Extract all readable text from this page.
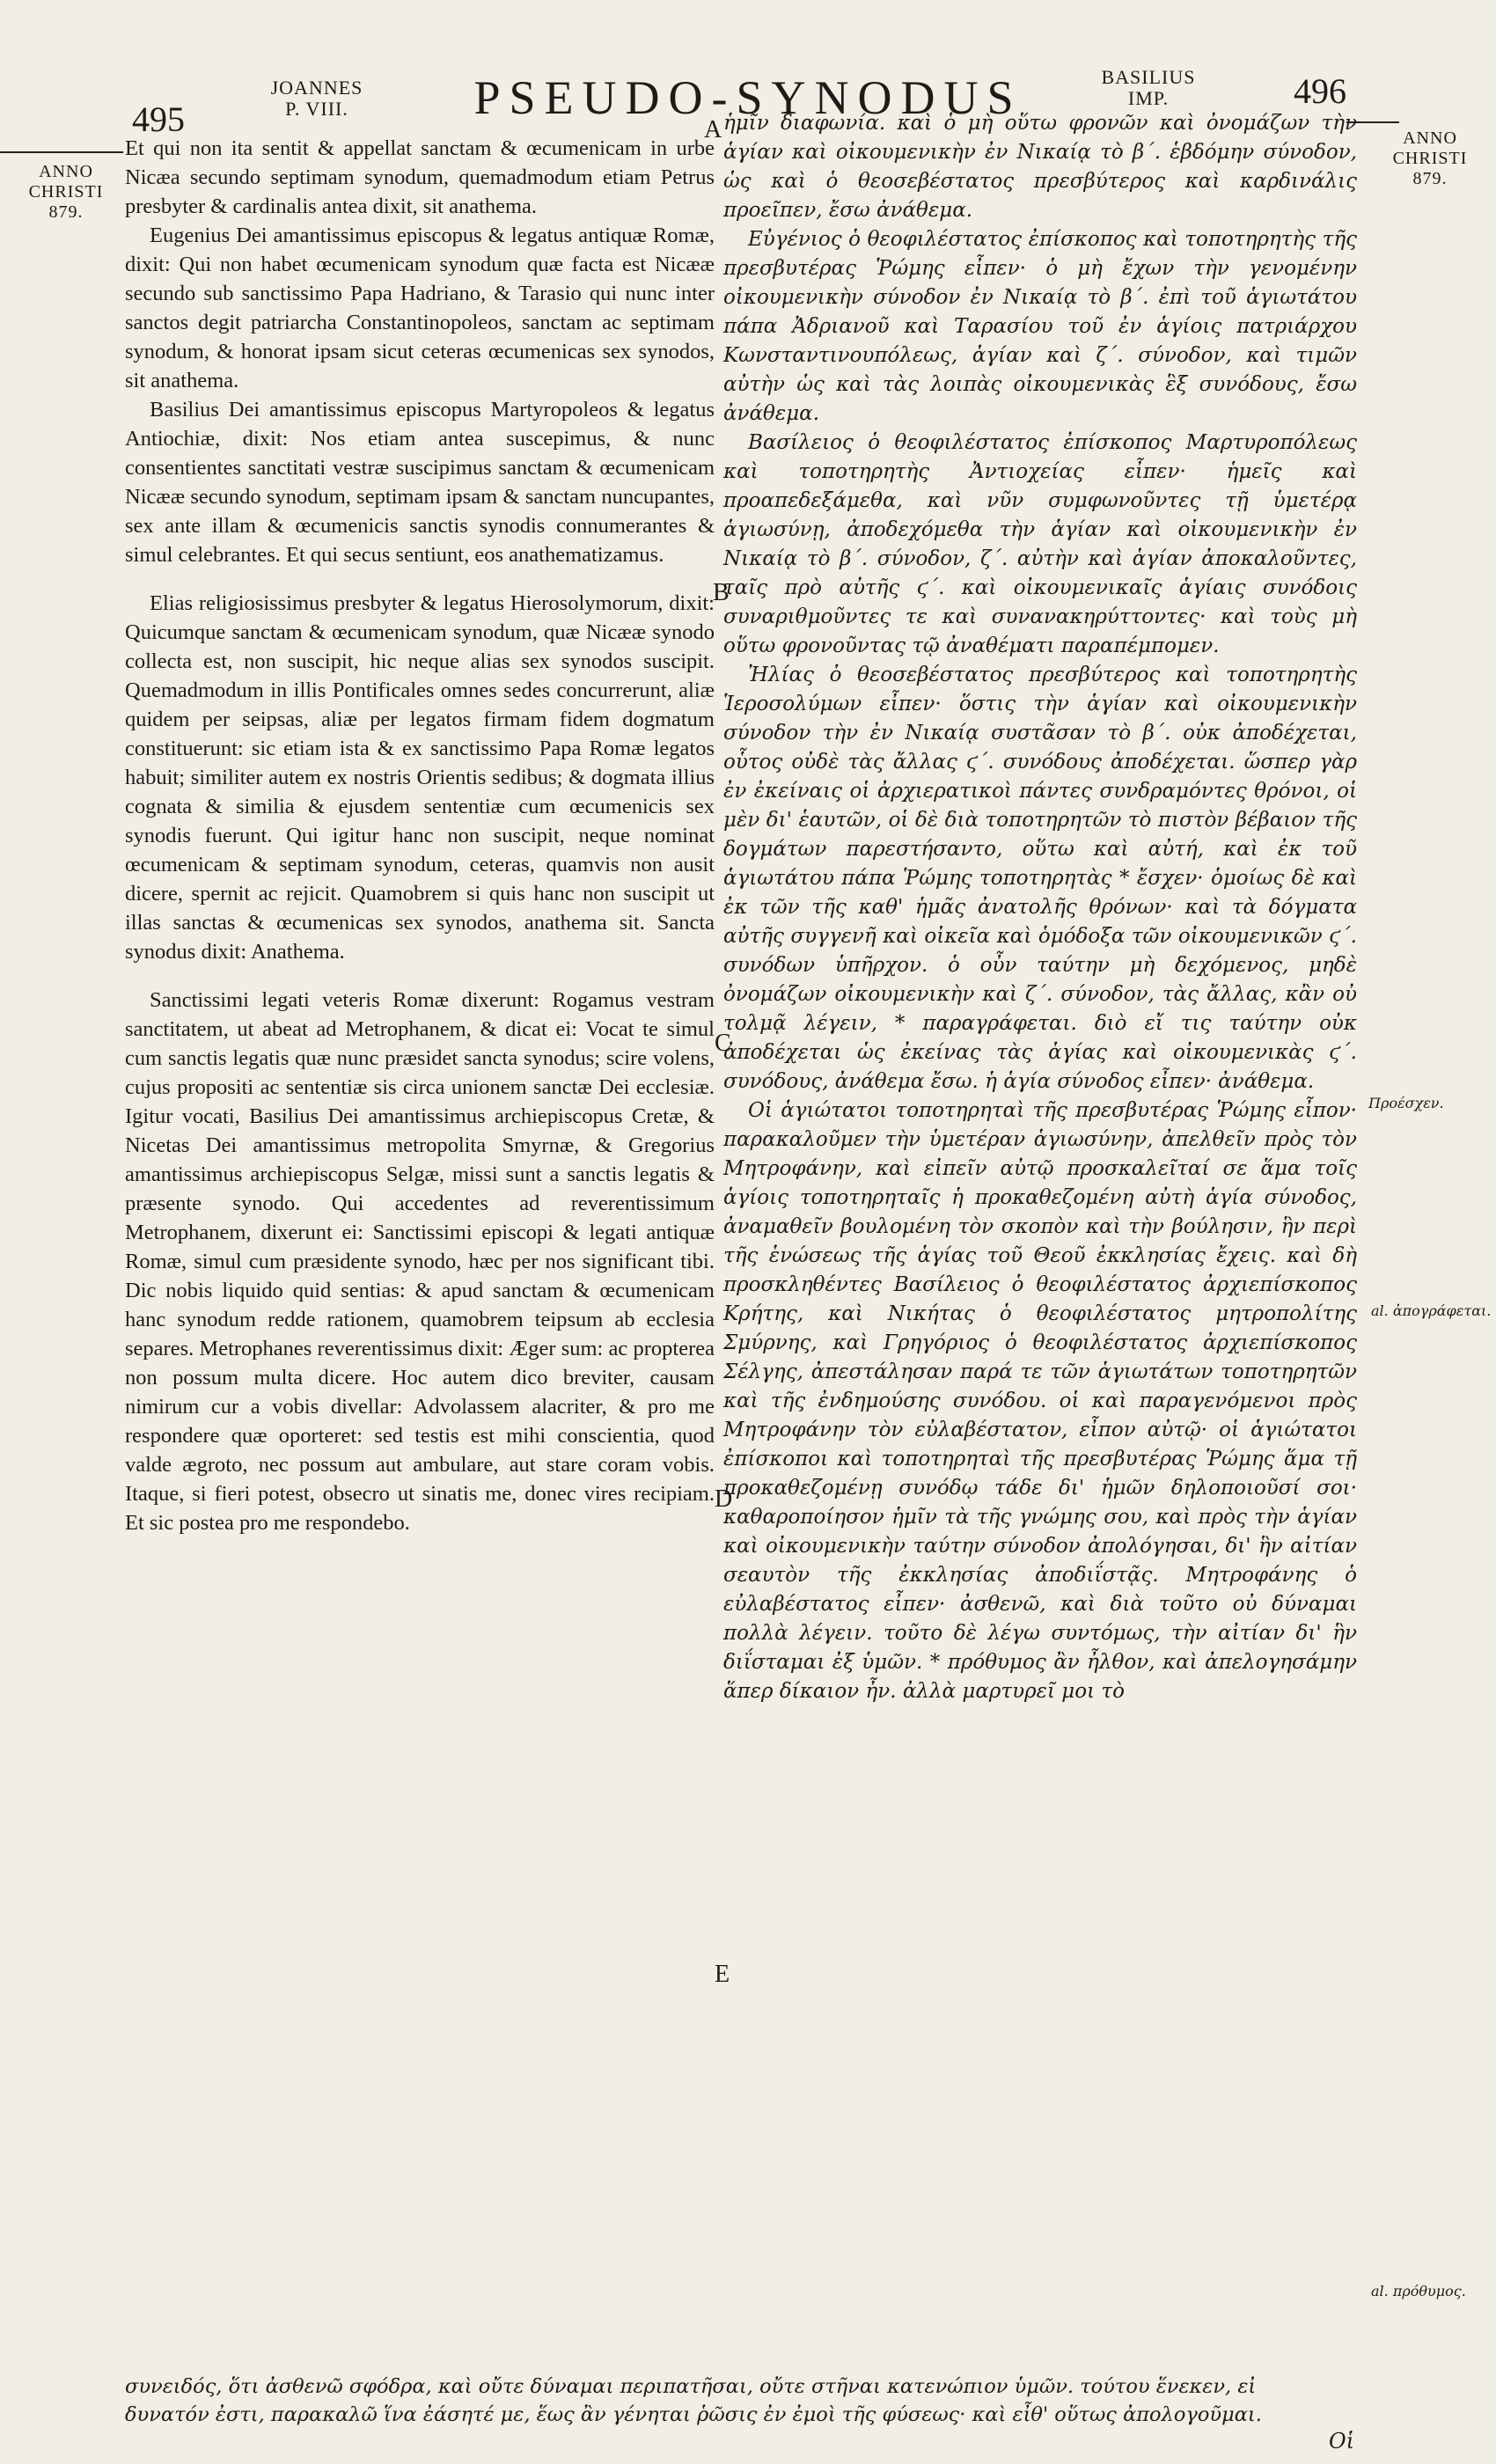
495
496
JOANNES
P. VIII.	PSEUDO-SYNODUS	BASILIUS
IMP.
ANNO
CHRISTI
879.
ANNO
CHRISTI
879.
A
B
C
D
E

Et qui non ita sentit & appellat sanctam & œcumenicam in urbe Nicæa secundo septimam synodum, quemadmodum etiam Petrus presbyter & cardinalis antea dixit, sit anathema.

Eugenius Dei amantissimus episcopus & legatus antiquæ Romæ, dixit: Qui non habet œcumenicam synodum quæ facta est Nicææ secundo sub sanctissimo Papa Hadriano, & Tarasio qui nunc inter sanctos degit patriarcha Constantinopoleos, sanctam ac septimam synodum, & honorat ipsam sicut ceteras œcumenicas sex synodos, sit anathema.

Basilius Dei amantissimus episcopus Martyropoleos & legatus Antiochiæ, dixit: Nos etiam antea suscepimus, & nunc consentientes sanctitati vestræ suscipimus sanctam & œcumenicam Nicææ secundo synodum, septimam ipsam & sanctam nuncupantes, sex ante illam & œcumenicis sanctis synodis connumerantes & simul celebrantes. Et qui secus sentiunt, eos anathematizamus.

Elias religiosissimus presbyter & legatus Hierosolymorum, dixit: Quicumque sanctam & œcumenicam synodum, quæ Nicææ synodo collecta est, non suscipit, hic neque alias sex synodos suscipit. Quemadmodum in illis Pontificales omnes sedes concurrerunt, aliæ quidem per seipsas, aliæ per legatos firmam fidem dogmatum constituerunt: sic etiam ista & ex sanctissimo Papa Romæ legatos habuit; similiter autem ex nostris Orientis sedibus; & dogmata illius cognata & similia & ejusdem sententiæ cum œcumenicis sex synodis fuerunt. Qui igitur hanc non suscipit, neque nominat œcumenicam & septimam synodum, ceteras, quamvis non ausit dicere, spernit ac rejicit. Quamobrem si quis hanc non suscipit ut illas sanctas & œcumenicas sex synodos, anathema sit. Sancta synodus dixit: Anathema.

Sanctissimi legati veteris Romæ dixerunt: Rogamus vestram sanctitatem, ut abeat ad Metrophanem, & dicat ei: Vocat te simul cum sanctis legatis quæ nunc præsidet sancta synodus; scire volens, cujus propositi ac sententiæ sis circa unionem sanctæ Dei ecclesiæ. Igitur vocati, Basilius Dei amantissimus archiepiscopus Cretæ, & Nicetas Dei amantissimus metropolita Smyrnæ, & Gregorius amantissimus archiepiscopus Selgæ, missi sunt a sanctis legatis & præsente synodo. Qui accedentes ad reverentissimum Metrophanem, dixerunt ei: Sanctissimi episcopi & legati antiquæ Romæ, simul cum præsidente synodo, hæc per nos significant tibi. Dic nobis liquido quid sentias: & apud sanctam & œcumenicam hanc synodum redde rationem, quamobrem teipsum ab ecclesia separes. Metrophanes reverentissimus dixit: Æger sum: ac propterea non possum multa dicere. Hoc autem dico breviter, causam nimirum cur a vobis divellar: Advolassem alacriter, & pro me respondere quæ oporteret: sed testis est mihi conscientia, quod valde ægroto, nec possum aut ambulare, aut stare coram vobis. Itaque, si fieri potest, obsecro ut sinatis me, donec vires recipiam. Et sic postea pro me respondebo.

ἡμῖν διαφωνία. καὶ ὁ μὴ οὕτω φρονῶν καὶ ὀνομάζων τὴν ἁγίαν καὶ οἰκουμενικὴν ἐν Νικαίᾳ τὸ β΄. ἑβδόμην σύνοδον, ὡς καὶ ὁ θεοσεβέστατος πρεσβύτερος καὶ καρδινάλις προεῖπεν, ἔσω ἀνάθεμα.

Εὐγένιος ὁ θεοφιλέστατος ἐπίσκοπος καὶ τοποτηρητὴς τῆς πρεσβυτέρας Ῥώμης εἶπεν· ὁ μὴ ἔχων τὴν γενομένην οἰκουμενικὴν σύνοδον ἐν Νικαίᾳ τὸ β΄. ἐπὶ τοῦ ἁγιωτάτου πάπα Ἀδριανοῦ καὶ Ταρασίου τοῦ ἐν ἁγίοις πατριάρχου Κωνσταντινουπόλεως, ἁγίαν καὶ ζ΄. σύνοδον, καὶ τιμῶν αὐτὴν ὡς καὶ τὰς λοιπὰς οἰκουμενικὰς ἓξ συνόδους, ἔσω ἀνάθεμα.

Βασίλειος ὁ θεοφιλέστατος ἐπίσκοπος Μαρτυροπόλεως καὶ τοποτηρητὴς Ἀντιοχείας εἶπεν· ἡμεῖς καὶ προαπεδεξάμεθα, καὶ νῦν συμφωνοῦντες τῇ ὑμετέρᾳ ἁγιωσύνῃ, ἀποδεχόμεθα τὴν ἁγίαν καὶ οἰκουμενικὴν ἐν Νικαίᾳ τὸ β΄. σύνοδον, ζ΄. αὐτὴν καὶ ἁγίαν ἀποκαλοῦντες, ταῖς πρὸ αὐτῆς ϛ΄. καὶ οἰκουμενικαῖς ἁγίαις συνόδοις συναριθμοῦντες τε καὶ συνανακηρύττοντες· καὶ τοὺς μὴ οὕτω φρονοῦντας τῷ ἀναθέματι παραπέμπομεν.

Ἠλίας ὁ θεοσεβέστατος πρεσβύτερος καὶ τοποτηρητὴς Ἱεροσολύμων εἶπεν· ὅστις τὴν ἁγίαν καὶ οἰκουμενικὴν σύνοδον τὴν ἐν Νικαίᾳ συστᾶσαν τὸ β΄. οὐκ ἀποδέχεται, οὗτος οὐδὲ τὰς ἄλλας ϛ΄. συνόδους ἀποδέχεται. ὥσπερ γὰρ ἐν ἐκείναις οἱ ἀρχιερατικοὶ πάντες συνδραμόντες θρόνοι, οἱ μὲν δι' ἑαυτῶν, οἱ δὲ διὰ τοποτηρητῶν τὸ πιστὸν βέβαιον τῆς δογμάτων παρεστήσαντο, οὕτω καὶ αὐτή, καὶ ἐκ τοῦ ἁγιωτάτου πάπα Ῥώμης τοποτηρητὰς * ἔσχεν· ὁμοίως δὲ καὶ ἐκ τῶν τῆς καθ' ἡμᾶς ἀνατολῆς θρόνων· καὶ τὰ δόγματα αὐτῆς συγγενῆ καὶ οἰκεῖα καὶ ὁμόδοξα τῶν οἰκουμενικῶν ϛ΄. συνόδων ὑπῆρχον. ὁ οὖν ταύτην μὴ δεχόμενος, μηδὲ ὀνομάζων οἰκουμενικὴν καὶ ζ΄. σύνοδον, τὰς ἄλλας, κἂν οὐ τολμᾷ λέγειν, * παραγράφεται. διὸ εἴ τις ταύτην οὐκ ἀποδέχεται ὡς ἐκείνας τὰς ἁγίας καὶ οἰκουμενικὰς ϛ΄. συνόδους, ἀνάθεμα ἔσω. ἡ ἁγία σύνοδος εἶπεν· ἀνάθεμα.

Οἱ ἁγιώτατοι τοποτηρηταὶ τῆς πρεσβυτέρας Ῥώμης εἶπον· παρακαλοῦμεν τὴν ὑμετέραν ἁγιωσύνην, ἀπελθεῖν πρὸς τὸν Μητροφάνην, καὶ εἰπεῖν αὐτῷ προσκαλεῖταί σε ἅμα τοῖς ἁγίοις τοποτηρηταῖς ἡ προκαθεζομένη αὐτὴ ἁγία σύνοδος, ἀναμαθεῖν βουλομένη τὸν σκοπὸν καὶ τὴν βούλησιν, ἣν περὶ τῆς ἑνώσεως τῆς ἁγίας τοῦ Θεοῦ ἐκκλησίας ἔχεις. καὶ δὴ προσκληθέντες Βασίλειος ὁ θεοφιλέστατος ἀρχιεπίσκοπος Κρήτης, καὶ Νικήτας ὁ θεοφιλέστατος μητροπολίτης Σμύρνης, καὶ Γρηγόριος ὁ θεοφιλέστατος ἀρχιεπίσκοπος Σέλγης, ἀπεστάλησαν παρά τε τῶν ἁγιωτάτων τοποτηρητῶν καὶ τῆς ἐνδημούσης συνόδου. οἱ καὶ παραγενόμενοι πρὸς Μητροφάνην τὸν εὐλαβέστατον, εἶπον αὐτῷ· οἱ ἁγιώτατοι ἐπίσκοποι καὶ τοποτηρηταὶ τῆς πρεσβυτέρας Ῥώμης ἅμα τῇ προκαθεζομένῃ συνόδῳ τάδε δι' ἡμῶν δηλοποιοῦσί σοι· καθαροποίησον ἡμῖν τὰ τῆς γνώμης σου, καὶ πρὸς τὴν ἁγίαν καὶ οἰκουμενικὴν ταύτην σύνοδον ἀπολόγησαι, δι' ἣν αἰτίαν σεαυτὸν τῆς ἐκκλησίας ἀποδιΐστᾷς. Μητροφάνης ὁ εὐλαβέστατος εἶπεν· ἀσθενῶ, καὶ διὰ τοῦτο οὐ δύναμαι πολλὰ λέγειν. τοῦτο δὲ λέγω συντόμως, τὴν αἰτίαν δι' ἣν διΐσταμαι ἐξ ὑμῶν. * πρόθυμος ἂν ἦλθον, καὶ ἀπελογησάμην ἅπερ δίκαιον ἦν. ἀλλὰ μαρτυρεῖ μοι τὸ

Προέσχεν.
al. ἀπογράφεται.
al. πρόθυμος.
συνειδός, ὅτι ἀσθενῶ σφόδρα, καὶ οὔτε δύναμαι περιπατῆσαι, οὔτε στῆναι κατενώπιον ὑμῶν. τούτου ἕνεκεν, εἰ
δυνατόν ἐστι, παρακαλῶ ἵνα ἐάσητέ με, ἕως ἂν γένηται ῥῶσις ἐν ἐμοὶ τῆς φύσεως· καὶ εἶθ' οὕτως ἀπολογοῦμαι.
Οἱ
